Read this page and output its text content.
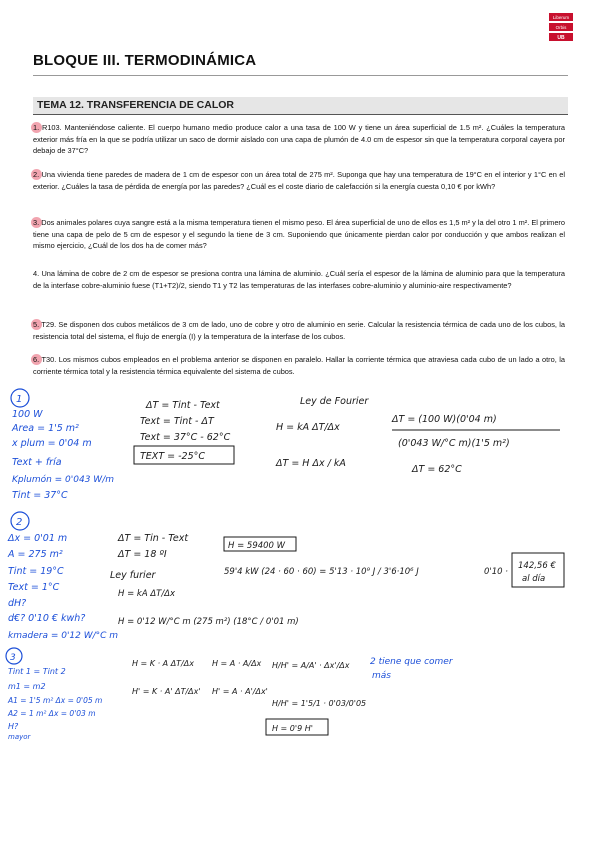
Liberum
Orbis
UB
BLOQUE III. TERMODINÁMICA
TEMA 12. TRANSFERENCIA DE CALOR
1. R103. Manteniéndose caliente. El cuerpo humano medio produce calor a una tasa de 100 W y tiene un área superficial de 1.5 m². ¿Cuáles la temperatura exterior más fría en la que se podría utilizar un saco de dormir aislado con una capa de plumón de 4.0 cm de espesor sin que la temperatura corporal cayera por debajo de 37°C?
2. Una vivienda tiene paredes de madera de 1 cm de espesor con un área total de 275 m². Suponga que hay una temperatura de 19°C en el interior y 1°C en el exterior. ¿Cuáles la tasa de pérdida de energía por las paredes? ¿Cuál es el coste diario de calefacción si la energía cuesta 0,10 € por kWh?
3. Dos animales polares cuya sangre está a la misma temperatura tienen el mismo peso. El área superficial de uno de ellos es 1,5 m² y la del otro 1 m². El primero tiene una capa de pelo de 5 cm de espesor y el segundo la tiene de 3 cm. Suponiendo que únicamente pierdan calor por conducción y que ambos realizan el mismo ejercicio, ¿Cuál de los dos ha de comer más?
4. Una lámina de cobre de 2 cm de espesor se presiona contra una lámina de aluminio. ¿Cuál sería el espesor de la lámina de aluminio para que la temperatura de la interfase cobre-aluminio fuese (T1+T2)/2, siendo T1 y T2 las temperaturas de las interfases cobre-aluminio y aluminio-aire respectivamente?
5. T29. Se disponen dos cubos metálicos de 3 cm de lado, uno de cobre y otro de aluminio en serie. Calcular la resistencia térmica de cada uno de los cubos, la resistencia total del sistema, el flujo de energía (I) y la temperatura de la interfase de los cubos.
6. T30. Los mismos cubos empleados en el problema anterior se disponen en paralelo. Hallar la corriente térmica que atraviesa cada cubo de un lado a otro, la corriente térmica total y la resistencia térmica equivalente del sistema de cubos.
1
100 W
Area = 1'5 m²
x plum = 0'04 m
Text + fría
Kplumón = 0'043 W/m
Tint = 37°C
ΔT = Tint - Text
Text = Tint - ΔT
Text = 37°C - 62°C
TEXT = -25°C
Ley de Fourier
H = kA ΔT/Δx
ΔT = H Δx / kA
ΔT = (100 W)(0'04 m)
(0'043 W/°C m)(1'5 m²)
ΔT = 62°C
2
Δx = 0'01 m
A = 275 m²
Tint = 19°C
Text = 1°C
dH?
d€? 0'10 € kwh?
kmadera = 0'12 W/°C m
ΔT = Tin - Text
ΔT = 18 ºI
Ley furier
H = kA ΔT/Δx
H = 0'12 W/°C m (275 m²) (18°C / 0'01 m)
H = 59400 W
59'4 kW (24 · 60 · 60) = 5'13 · 10⁹ J / 3'6·10⁶ J	0'10 ·
142,56 €
al día
3
Tint 1 = Tint 2
m1 = m2
A1 = 1'5 m² Δx = 0'05 m
A2 = 1 m² Δx = 0'03 m
H?
mayor
H = K · A ΔT/Δx
H' = K · A' ΔT/Δx'
H = A · A/Δx
H' = A · A'/Δx'
H/H' = A/A' · Δx'/Δx
H/H' = 1'5/1 · 0'03/0'05
H = 0'9 H'
2 tiene que comer
más
